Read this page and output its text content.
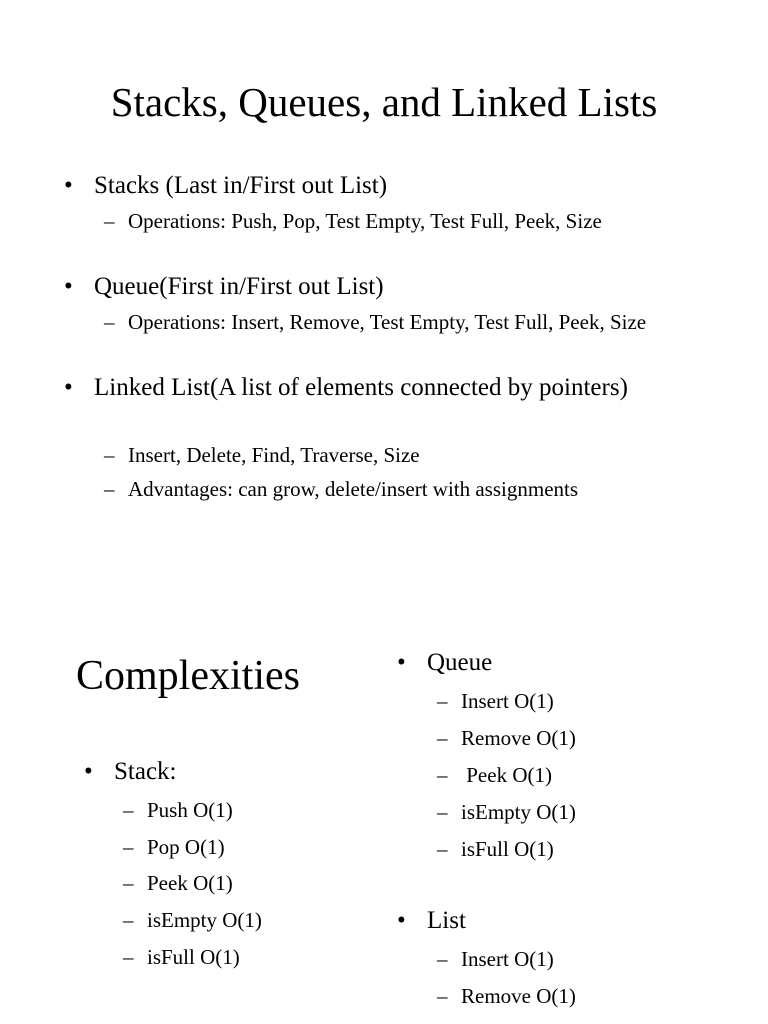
Stacks, Queues, and Linked Lists
• Stacks (Last in/First out List)
– Operations: Push, Pop, Test Empty, Test Full, Peek, Size
• Queue(First in/First out List)
– Operations: Insert, Remove, Test Empty, Test Full, Peek, Size
• Linked List(A list of elements connected by pointers)
– Insert, Delete, Find, Traverse, Size
– Advantages: can grow, delete/insert with assignments
Complexities
• Stack:
– Push O(1)
– Pop O(1)
– Peek O(1)
– isEmpty O(1)
– isFull O(1)
• Queue
– Insert O(1)
– Remove O(1)
– Peek O(1)
– isEmpty O(1)
– isFull O(1)
• List
– Insert O(1)
– Remove O(1)
